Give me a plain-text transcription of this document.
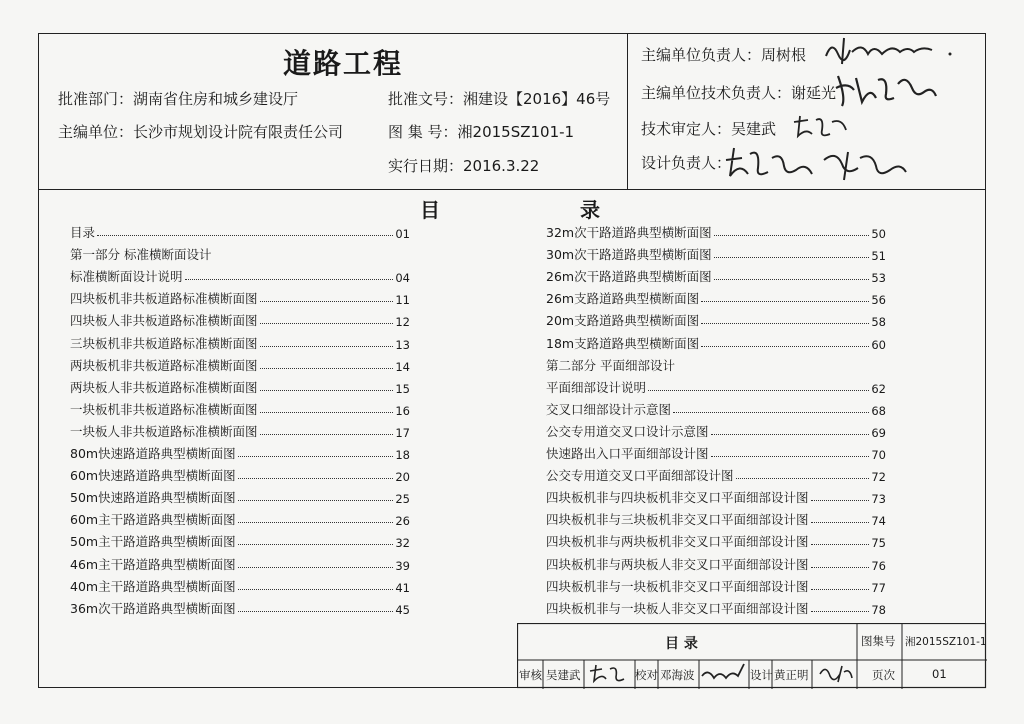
道路工程
批准部门：湖南省住房和城乡建设厅	批准文号：湘建设【2016】46号
主编单位：长沙市规划设计院有限责任公司	图 集 号：湘2015SZ101-1
实行日期：2016.3.22
主编单位负责人：周树根
主编单位技术负责人：谢延光
技术审定人：吴建武
设计负责人：
目	录
目录	01
第一部分 标准横断面设计
标准横断面设计说明	04
四块板机非共板道路标准横断面图	11
四块板人非共板道路标准横断面图	12
三块板机非共板道路标准横断面图	13
两块板机非共板道路标准横断面图	14
两块板人非共板道路标准横断面图	15
一块板机非共板道路标准横断面图	16
一块板人非共板道路标准横断面图	17
80m快速路道路典型横断面图	18
60m快速路道路典型横断面图	20
50m快速路道路典型横断面图	25
60m主干路道路典型横断面图	26
50m主干路道路典型横断面图	32
46m主干路道路典型横断面图	39
40m主干路道路典型横断面图	41
36m次干路道路典型横断面图	45
32m次干路道路典型横断面图	50
30m次干路道路典型横断面图	51
26m次干路道路典型横断面图	53
26m支路道路典型横断面图	56
20m支路道路典型横断面图	58
18m支路道路典型横断面图	60
第二部分 平面细部设计
平面细部设计说明	62
交叉口细部设计示意图	68
公交专用道交叉口设计示意图	69
快速路出入口平面细部设计图	70
公交专用道交叉口平面细部设计图	72
四块板机非与四块板机非交叉口平面细部设计图	73
四块板机非与三块板机非交叉口平面细部设计图	74
四块板机非与两块板机非交叉口平面细部设计图	75
四块板机非与两块板人非交叉口平面细部设计图	76
四块板机非与一块板机非交叉口平面细部设计图	77
四块板机非与一块板人非交叉口平面细部设计图	78
目 录	图集号 湘2015SZ101-1
审核 吴建武	校对 邓海波	设计 黄正明	页次	01
